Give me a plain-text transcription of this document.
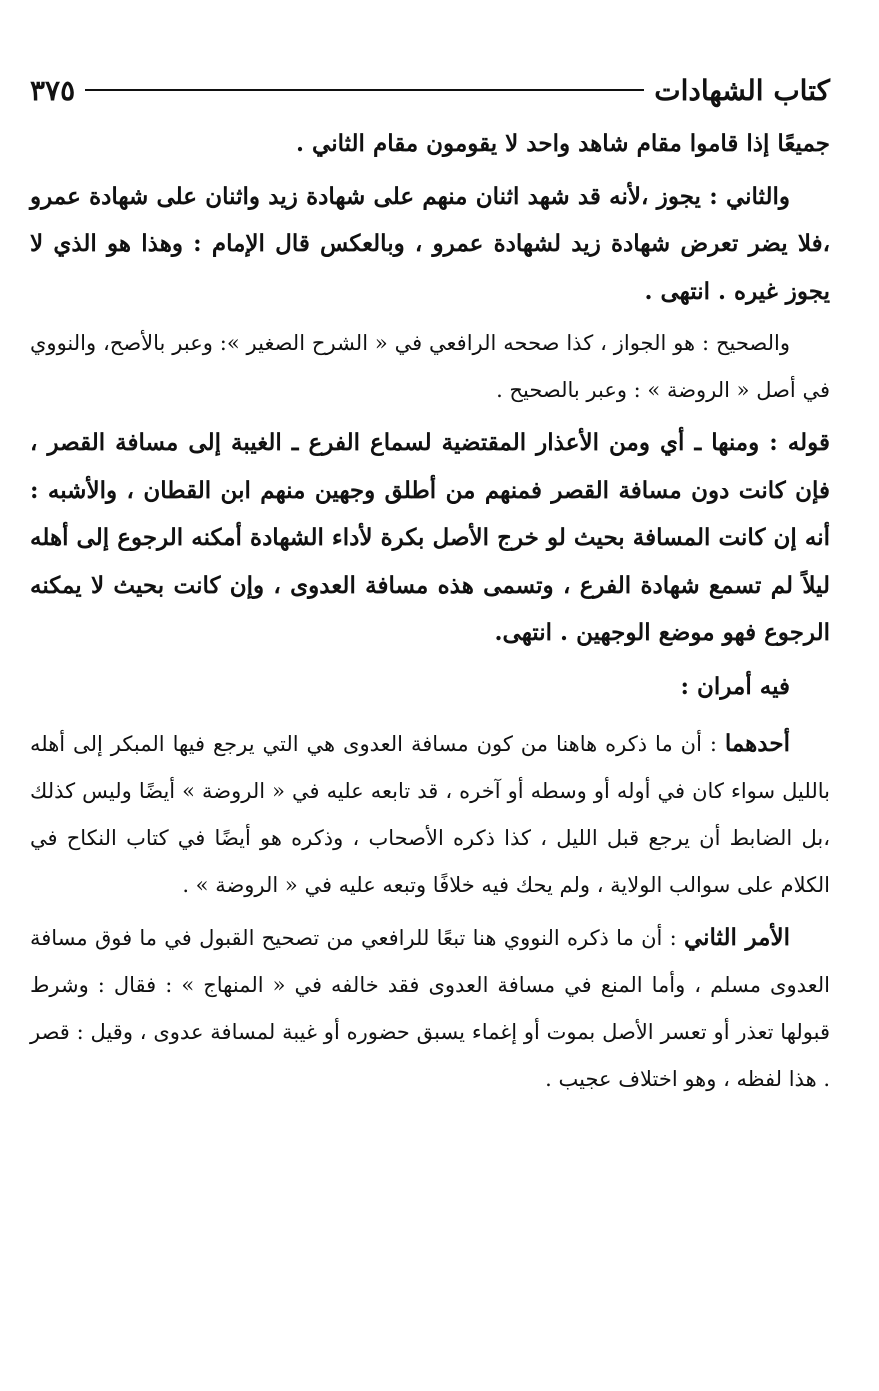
كتاب الشهادات
٣٧٥

جميعًا إذا قاموا مقام شاهد واحد لا يقومون مقام الثاني .

والثاني : يجوز ،لأنه قد شهد اثنان منهم على شهادة زيد واثنان على شهادة عمرو ،فلا يضر تعرض شهادة زيد لشهادة عمرو ، وبالعكس قال الإمام : وهذا هو الذي لا يجوز غيره . انتهى .

والصحيح : هو الجواز ، كذا صححه الرافعي في « الشرح الصغير »: وعبر بالأصح، والنووي في أصل « الروضة » : وعبر بالصحيح .

قوله : ومنها ـ أي ومن الأعذار المقتضية لسماع الفرع ـ الغيبة إلى مسافة القصر ، فإن كانت دون مسافة القصر فمنهم من أطلق وجهين منهم ابن القطان ، والأشبه : أنه إن كانت المسافة بحيث لو خرج الأصل بكرة لأداء الشهادة أمكنه الرجوع إلى أهله ليلاً لم تسمع شهادة الفرع ، وتسمى هذه مسافة العدوى ، وإن كانت بحيث لا يمكنه الرجوع فهو موضع الوجهين . انتهى.

فيه أمران :

أحدهما : أن ما ذكره هاهنا من كون مسافة العدوى هي التي يرجع فيها المبكر إلى أهله بالليل سواء كان في أوله أو وسطه أو آخره ، قد تابعه عليه في « الروضة » أيضًا وليس كذلك ،بل الضابط أن يرجع قبل الليل ، كذا ذكره الأصحاب ، وذكره هو أيضًا في كتاب النكاح في الكلام على سوالب الولاية ، ولم يحك فيه خلافًا وتبعه عليه في « الروضة » .

الأمر الثاني : أن ما ذكره النووي هنا تبعًا للرافعي من تصحيح القبول في ما فوق مسافة العدوى مسلم ، وأما المنع في مسافة العدوى فقد خالفه في « المنهاج » : فقال : وشرط قبولها تعذر أو تعسر الأصل بموت أو إغماء يسبق حضوره أو غيبة لمسافة عدوى ، وقيل : قصر . هذا لفظه ، وهو اختلاف عجيب .
